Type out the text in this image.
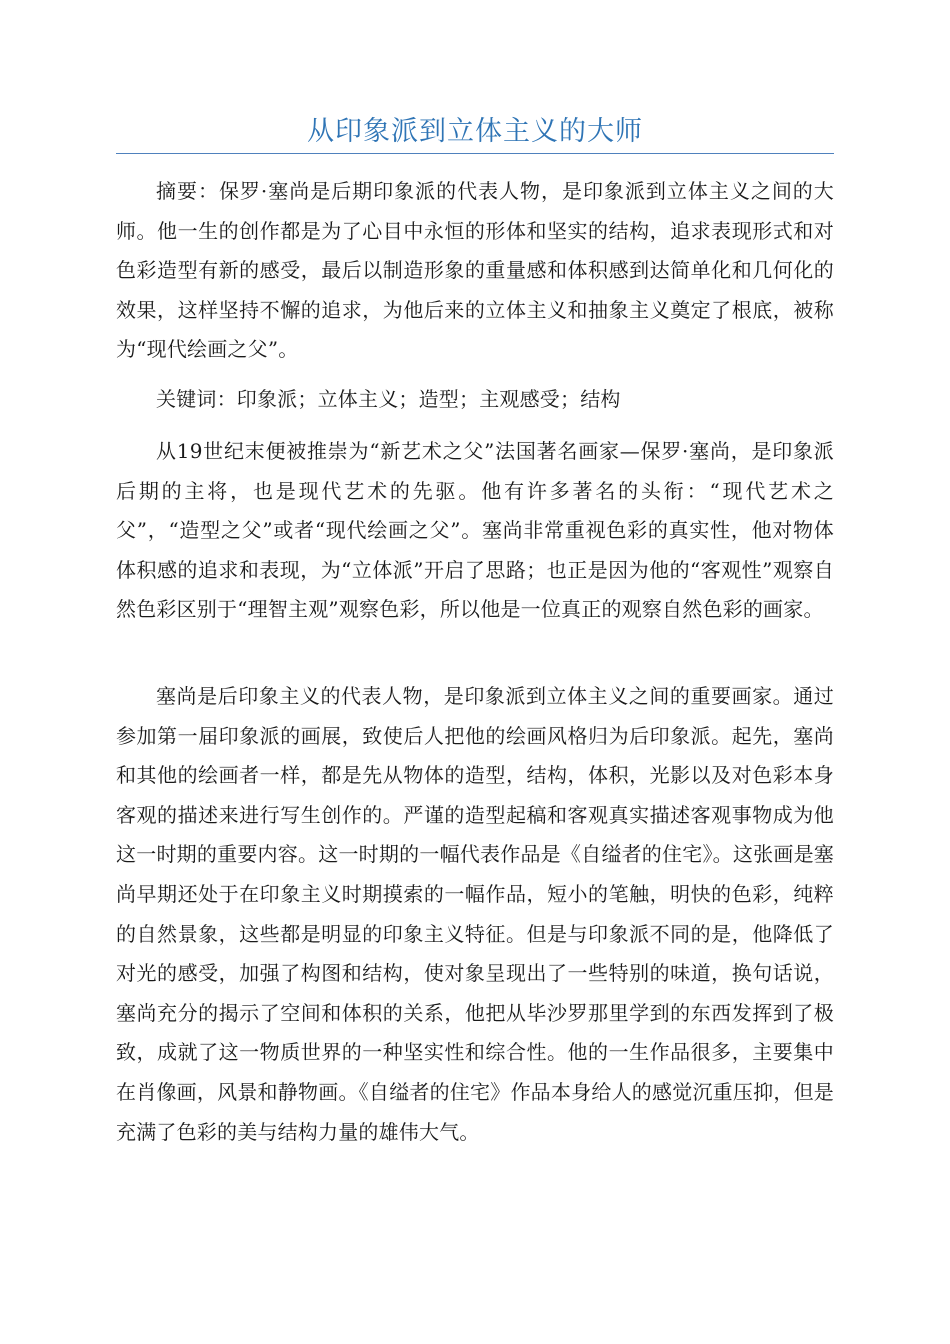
从印象派到立体主义的大师

摘要：保罗·塞尚是后期印象派的代表人物，是印象派到立体主义之间的大师。他一生的创作都是为了心目中永恒的形体和坚实的结构，追求表现形式和对色彩造型有新的感受，最后以制造形象的重量感和体积感到达简单化和几何化的效果，这样坚持不懈的追求，为他后来的立体主义和抽象主义奠定了根底，被称为“现代绘画之父”。

关键词：印象派；立体主义；造型；主观感受；结构

从19世纪末便被推崇为“新艺术之父”法国著名画家—保罗·塞尚，是印象派后期的主将，也是现代艺术的先驱。他有许多著名的头衔：“现代艺术之父”，“造型之父”或者“现代绘画之父”。塞尚非常重视色彩的真实性，他对物体体积感的追求和表现，为“立体派”开启了思路；也正是因为他的“客观性”观察自然色彩区别于“理智主观”观察色彩，所以他是一位真正的观察自然色彩的画家。

塞尚是后印象主义的代表人物，是印象派到立体主义之间的重要画家。通过参加第一届印象派的画展，致使后人把他的绘画风格归为后印象派。起先，塞尚和其他的绘画者一样，都是先从物体的造型，结构，体积，光影以及对色彩本身客观的描述来进行写生创作的。严谨的造型起稿和客观真实描述客观事物成为他这一时期的重要内容。这一时期的一幅代表作品是《自缢者的住宅》。这张画是塞尚早期还处于在印象主义时期摸索的一幅作品，短小的笔触，明快的色彩，纯粹的自然景象，这些都是明显的印象主义特征。但是与印象派不同的是，他降低了对光的感受，加强了构图和结构，使对象呈现出了一些特别的味道，换句话说，塞尚充分的揭示了空间和体积的关系，他把从毕沙罗那里学到的东西发挥到了极致，成就了这一物质世界的一种坚实性和综合性。他的一生作品很多，主要集中在肖像画，风景和静物画。《自缢者的住宅》作品本身给人的感觉沉重压抑，但是充满了色彩的美与结构力量的雄伟大气。
